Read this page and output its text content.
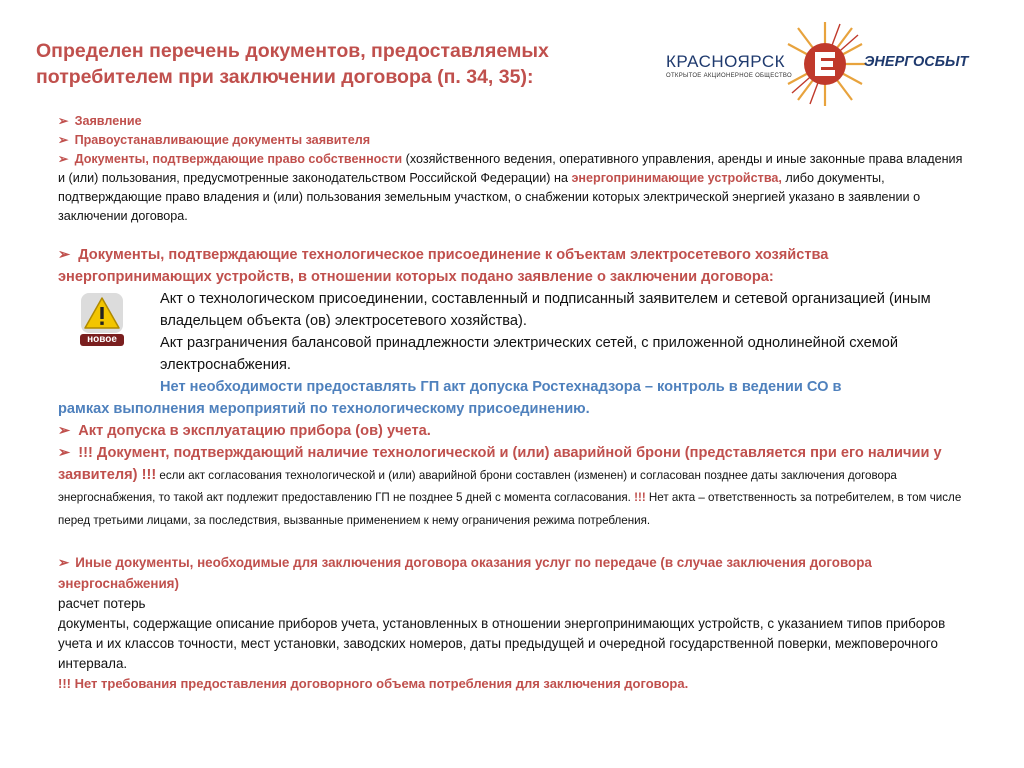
Определен перечень документов, предоставляемых потребителем при заключении договора (п. 34, 35):
КРАСНОЯРСК
ОТКРЫТОЕ АКЦИОНЕРНОЕ ОБЩЕСТВО
ЭНЕРГОСБЫТ
новое

➢ Заявление

➢ Правоустанавливающие документы заявителя

➢ Документы, подтверждающие право собственности (хозяйственного ведения, оперативного управления, аренды и иные законные права владения и (или) пользования, предусмотренные законодательством Российской Федерации) на энергопринимающие устройства, либо документы, подтверждающие право владения и (или) пользования земельным участком, о снабжении которых электрической энергией указано в заявлении о заключении договора.

➢ Документы, подтверждающие технологическое присоединение к объектам электросетевого хозяйства энергопринимающих устройств, в отношении которых подано заявление о заключении договора:

Акт о технологическом присоединении, составленный и подписанный заявителем и сетевой организацией (иным владельцем объекта (ов) электросетевого хозяйства).

Акт разграничения балансовой принадлежности электрических сетей, с приложенной однолинейной схемой электроснабжения.

Нет необходимости предоставлять ГП акт допуска Ростехнадзора – контроль в ведении СО в

рамках выполнения мероприятий по технологическому присоединению.

➢ Акт допуска в эксплуатацию прибора (ов) учета.

➢ !!! Документ, подтверждающий наличие технологической и (или) аварийной брони (представляется при его наличии у заявителя) !!! если акт согласования технологической и (или) аварийной брони составлен (изменен) и согласован позднее даты заключения договора энергоснабжения, то такой акт подлежит предоставлению ГП не позднее 5 дней с момента согласования. !!! Нет акта – ответственность за потребителем, в том числе перед третьими лицами, за последствия, вызванные применением к нему ограничения режима потребления.

➢ Иные документы, необходимые для заключения договора оказания услуг по передаче (в случае заключения договора энергоснабжения)

расчет потерь

документы, содержащие описание приборов учета, установленных в отношении энергопринимающих устройств, с указанием типов приборов учета и их классов точности, мест установки, заводских номеров, даты предыдущей и очередной государственной поверки, межповерочного интервала.

!!! Нет требования предоставления договорного объема потребления для заключения договора.
